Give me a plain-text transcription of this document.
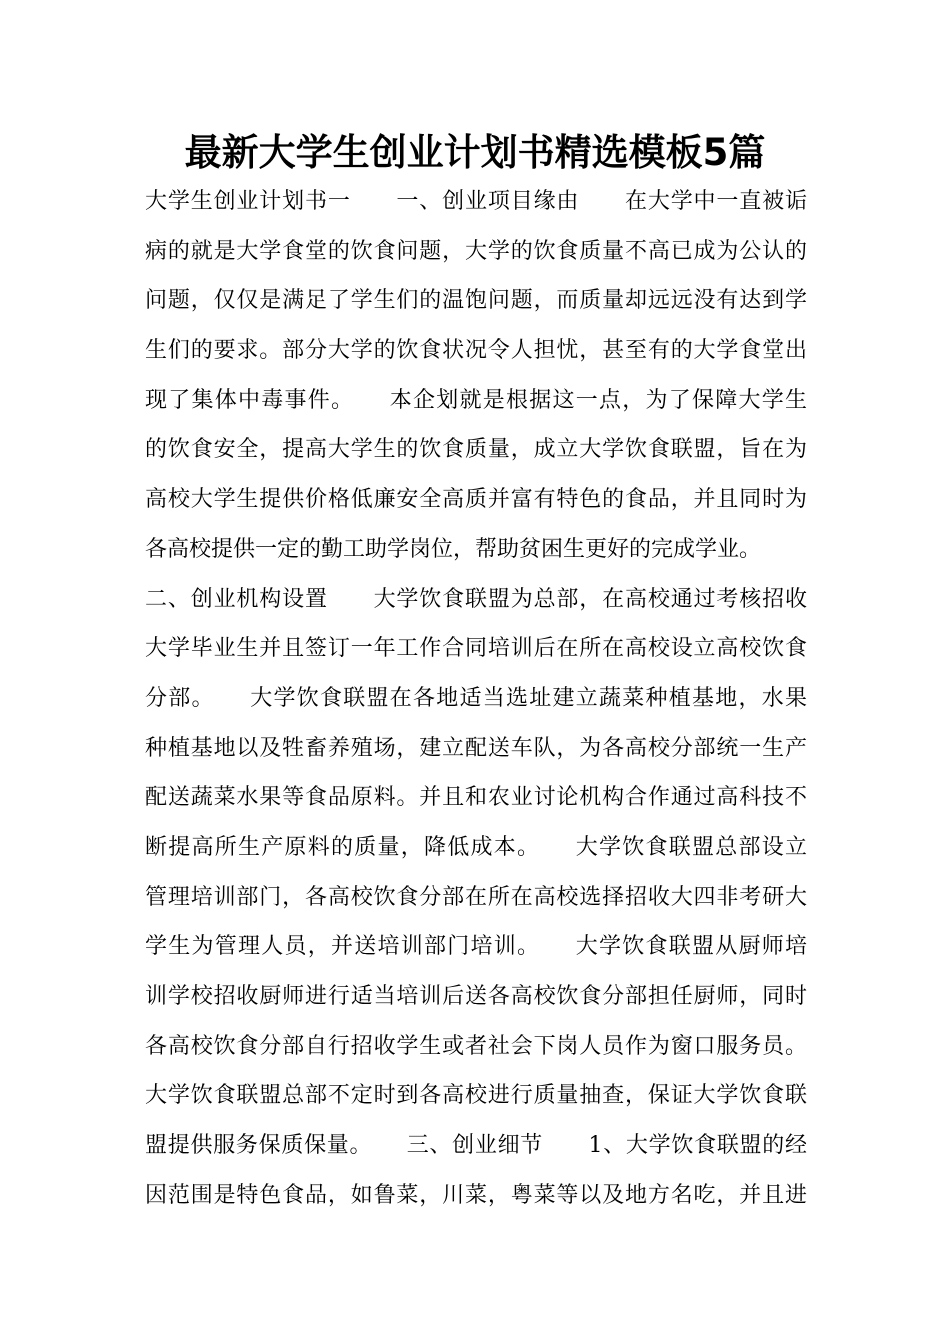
最新大学生创业计划书精选模板5篇
大学生创业计划书一　　一、创业项目缘由　　在大学中一直被诟
病的就是大学食堂的饮食问题，大学的饮食质量不高已成为公认的
问题，仅仅是满足了学生们的温饱问题，而质量却远远没有达到学
生们的要求。部分大学的饮食状况令人担忧，甚至有的大学食堂出
现了集体中毒事件。　　本企划就是根据这一点，为了保障大学生
的饮食安全，提高大学生的饮食质量，成立大学饮食联盟，旨在为
高校大学生提供价格低廉安全高质并富有特色的食品，并且同时为
各高校提供一定的勤工助学岗位，帮助贫困生更好的完成学业。
二、创业机构设置　　大学饮食联盟为总部，在高校通过考核招收
大学毕业生并且签订一年工作合同培训后在所在高校设立高校饮食
分部。　　大学饮食联盟在各地适当选址建立蔬菜种植基地，水果
种植基地以及牲畜养殖场，建立配送车队，为各高校分部统一生产
配送蔬菜水果等食品原料。并且和农业讨论机构合作通过高科技不
断提高所生产原料的质量，降低成本。　　大学饮食联盟总部设立
管理培训部门，各高校饮食分部在所在高校选择招收大四非考研大
学生为管理人员，并送培训部门培训。　　大学饮食联盟从厨师培
训学校招收厨师进行适当培训后送各高校饮食分部担任厨师，同时
各高校饮食分部自行招收学生或者社会下岗人员作为窗口服务员。
大学饮食联盟总部不定时到各高校进行质量抽查，保证大学饮食联
盟提供服务保质保量。　　三、创业细节　　1、大学饮食联盟的经
因范围是特色食品，如鲁菜，川菜，粤菜等以及地方名吃，并且进
